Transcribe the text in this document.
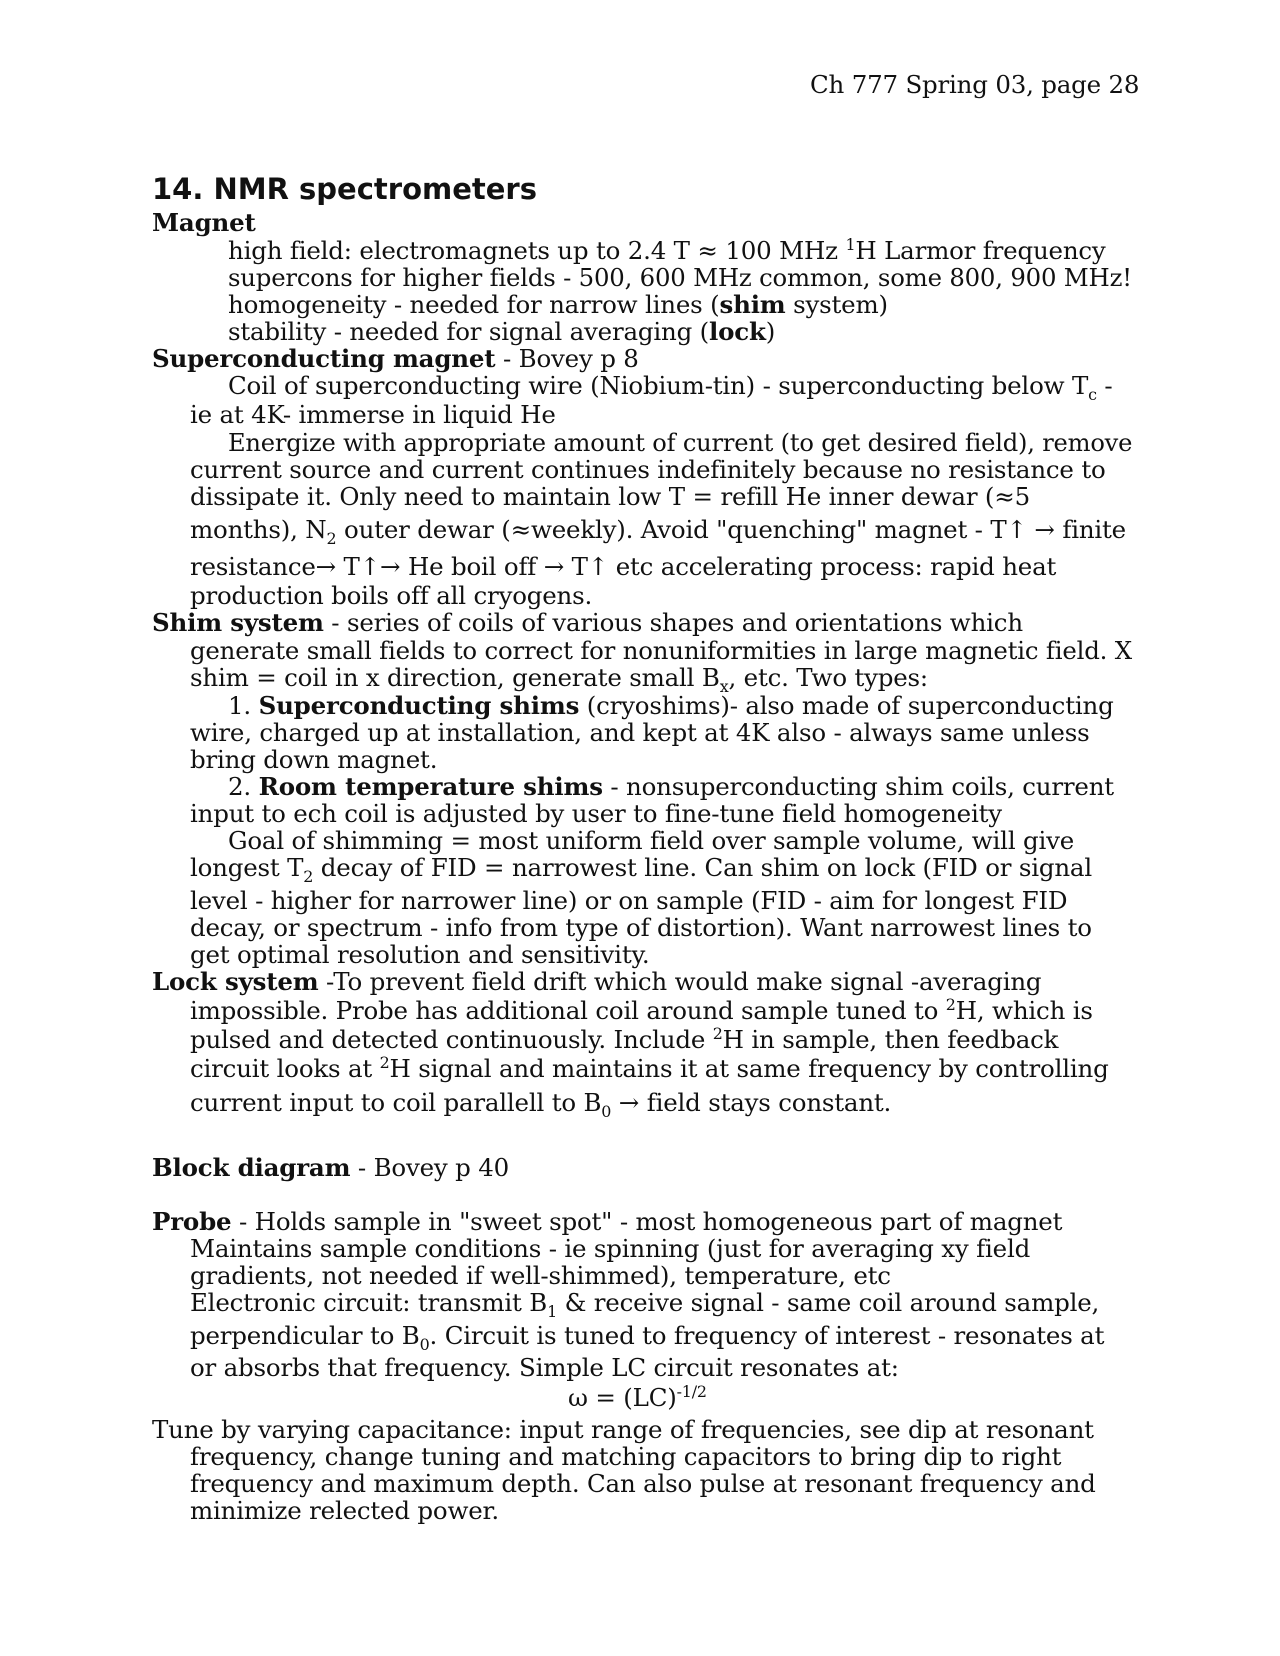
Ch 777 Spring 03, page 28
14. NMR spectrometers
Magnet
high field: electromagnets up to 2.4 T ≈ 100 MHz $^1$H Larmor frequency
supercons for higher fields - 500, 600 MHz common, some 800, 900 MHz!
homogeneity - needed for narrow lines (shim system)
stability - needed for signal averaging (lock)
Superconducting magnet - Bovey p 8
Coil of superconducting wire (Niobium-tin) - superconducting below $T_c$ -
ie at 4K- immerse in liquid He
Energize with appropriate amount of current (to get desired field), remove
current source and current continues indefinitely because no resistance to
dissipate it. Only need to maintain low T = refill He inner dewar (≈5
months), $N_2$ outer dewar (≈weekly). Avoid "quenching" magnet - T↑ → finite
resistance→ T↑→ He boil off → T↑ etc accelerating process: rapid heat
production boils off all cryogens.
Shim system - series of coils of various shapes and orientations which
generate small fields to correct for nonuniformities in large magnetic field. X
shim = coil in x direction, generate small $B_x$, etc. Two types:
1. Superconducting shims (cryoshims)- also made of superconducting
wire, charged up at installation, and kept at 4K also - always same unless
bring down magnet.
2. Room temperature shims - nonsuperconducting shim coils, current
input to ech coil is adjusted by user to fine-tune field homogeneity
Goal of shimming = most uniform field over sample volume, will give
longest $T_2$ decay of FID = narrowest line. Can shim on lock (FID or signal
level - higher for narrower line) or on sample (FID - aim for longest FID
decay, or spectrum - info from type of distortion). Want narrowest lines to
get optimal resolution and sensitivity.
Lock system -To prevent field drift which would make signal -averaging
impossible. Probe has additional coil around sample tuned to $^2$H, which is
pulsed and detected continuously. Include $^2$H in sample, then feedback
circuit looks at $^2$H signal and maintains it at same frequency by controlling
current input to coil parallell to $B_0$ → field stays constant.
Block diagram - Bovey p 40
Probe - Holds sample in "sweet spot" - most homogeneous part of magnet
Maintains sample conditions - ie spinning (just for averaging xy field
gradients, not needed if well-shimmed), temperature, etc
Electronic circuit: transmit $B_1$ & receive signal - same coil around sample,
perpendicular to $B_0$. Circuit is tuned to frequency of interest - resonates at
or absorbs that frequency. Simple LC circuit resonates at:
ω = (LC)$^{-1/2}$
Tune by varying capacitance: input range of frequencies, see dip at resonant
frequency, change tuning and matching capacitors to bring dip to right
frequency and maximum depth. Can also pulse at resonant frequency and
minimize relected power.
